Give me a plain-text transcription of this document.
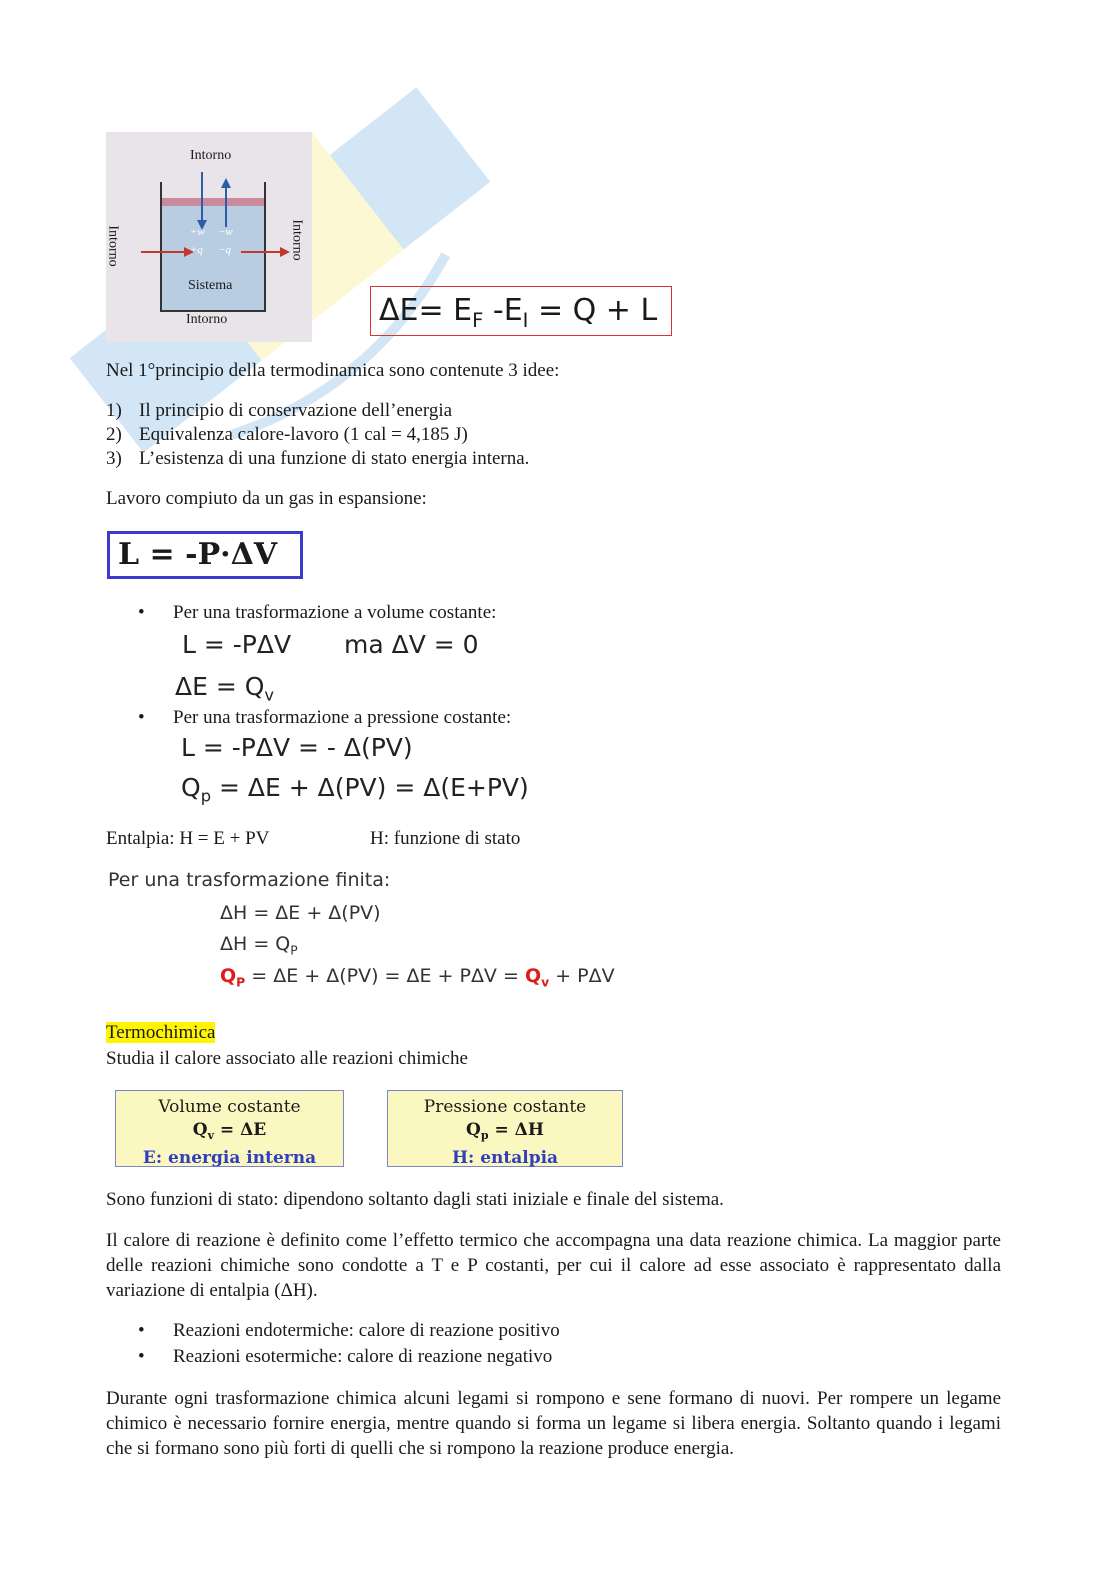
Intorno
Intorno	Intorno
Intorno
Sistema
+w −w
+q −q
$\Delta E= E_F$ $-E_I = Q + L$
Nel 1°principio della termodinamica sono contenute 3 idee:
1) Il principio di conservazione dell’energia
2) Equivalenza calore-lavoro (1 cal = 4,185 J)
3) L’esistenza di una funzione di stato energia interna.
Lavoro compiuto da un gas in espansione:
L = -P·ΔV
• Per una trasformazione a volume costante:
L = -PΔV ma ΔV = 0
$\Delta E = Q_v$
• Per una trasformazione a pressione costante:
L = -PΔV = - Δ(PV)
$Q_p = \Delta E + \Delta(PV) = \Delta(E+PV)$
Entalpia: H = E + PV	H: funzione di stato
Per una trasformazione finita:
ΔH = ΔE + Δ(PV)
$\Delta H = Q_P$
$Q_P = \Delta E + \Delta(PV) = \Delta E + P\Delta V = Q_v + P\Delta V$
Termochimica
Studia il calore associato alle reazioni chimiche
Volume costante
$Q_v = \Delta E$
E: energia interna
Pressione costante
$Q_p = \Delta H$
H: entalpia
Sono funzioni di stato: dipendono soltanto dagli stati iniziale e finale del sistema.
Il calore di reazione è definito come l’effetto termico che accompagna una data reazione chimica. La maggior parte delle reazioni chimiche sono condotte a T e P costanti, per cui il calore ad esse associato è rappresentato dalla variazione di entalpia (ΔH).
• Reazioni endotermiche: calore di reazione positivo
• Reazioni esotermiche: calore di reazione negativo
Durante ogni trasformazione chimica alcuni legami si rompono e sene formano di nuovi. Per rompere un legame chimico è necessario fornire energia, mentre quando si forma un legame si libera energia. Soltanto quando i legami che si formano sono più forti di quelli che si rompono la reazione produce energia.
